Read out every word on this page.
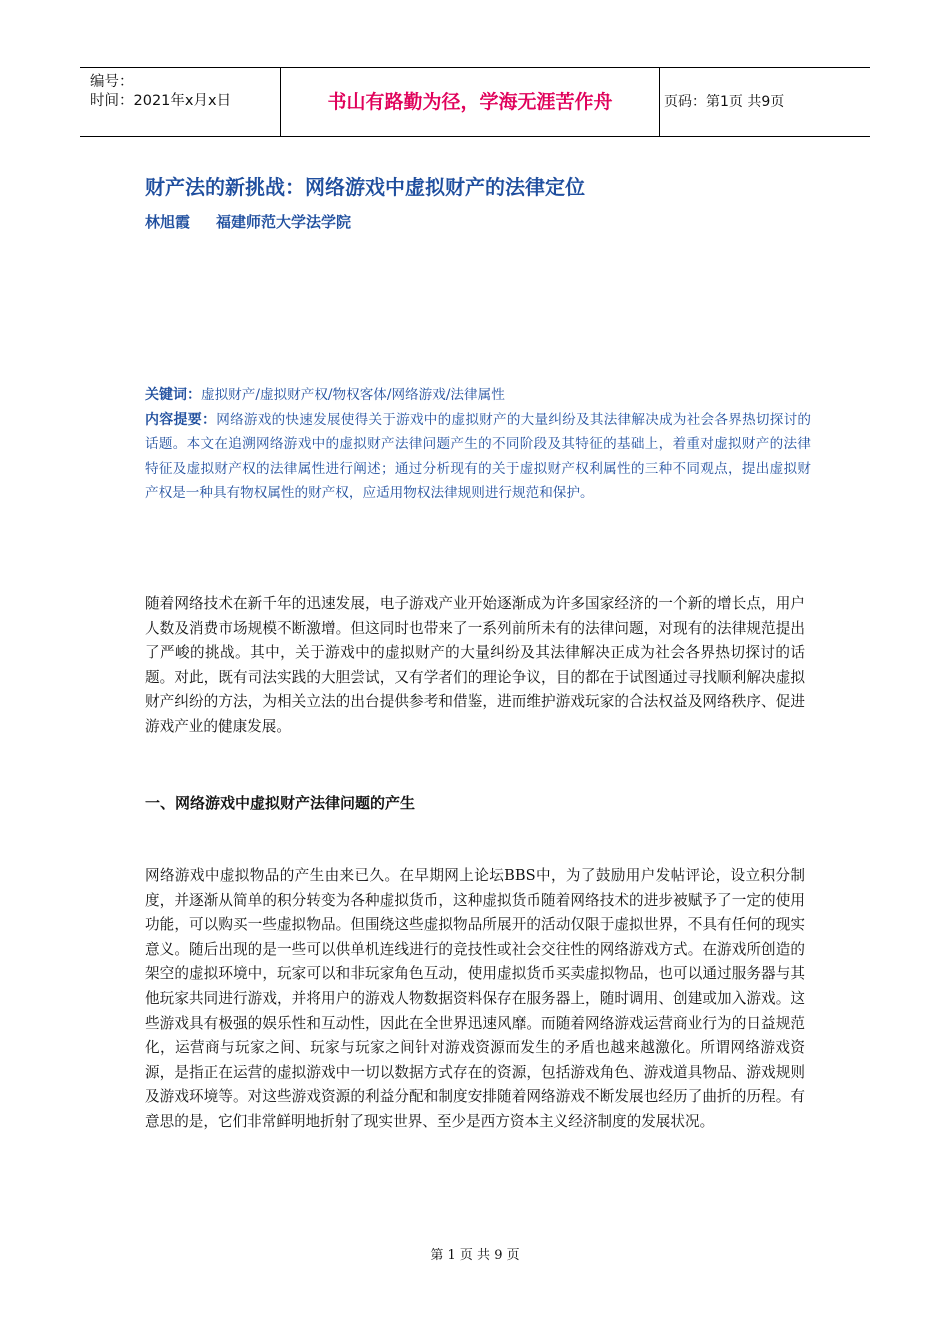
编号：
时间：2021年x月x日	书山有路勤为径，学海无涯苦作舟	页码：第1页 共9页
财产法的新挑战：网络游戏中虚拟财产的法律定位
林旭霞 福建师范大学法学院

关键词：虚拟财产/虚拟财产权/物权客体/网络游戏/法律属性

内容提要：网络游戏的快速发展使得关于游戏中的虚拟财产的大量纠纷及其法律解决成为社会各界热切探讨的话题。本文在追溯网络游戏中的虚拟财产法律问题产生的不同阶段及其特征的基础上，着重对虚拟财产的法律特征及虚拟财产权的法律属性进行阐述；通过分析现有的关于虚拟财产权利属性的三种不同观点，提出虚拟财产权是一种具有物权属性的财产权，应适用物权法律规则进行规范和保护。

随着网络技术在新千年的迅速发展，电子游戏产业开始逐渐成为许多国家经济的一个新的增长点，用户人数及消费市场规模不断激增。但这同时也带来了一系列前所未有的法律问题，对现有的法律规范提出了严峻的挑战。其中，关于游戏中的虚拟财产的大量纠纷及其法律解决正成为社会各界热切探讨的话题。对此，既有司法实践的大胆尝试，又有学者们的理论争议，目的都在于试图通过寻找顺利解决虚拟财产纠纷的方法，为相关立法的出台提供参考和借鉴，进而维护游戏玩家的合法权益及网络秩序、促进游戏产业的健康发展。

一、网络游戏中虚拟财产法律问题的产生

网络游戏中虚拟物品的产生由来已久。在早期网上论坛BBS中，为了鼓励用户发帖评论，设立积分制度，并逐渐从简单的积分转变为各种虚拟货币，这种虚拟货币随着网络技术的进步被赋予了一定的使用功能，可以购买一些虚拟物品。但围绕这些虚拟物品所展开的活动仅限于虚拟世界，不具有任何的现实意义。随后出现的是一些可以供单机连线进行的竞技性或社会交往性的网络游戏方式。在游戏所创造的架空的虚拟环境中，玩家可以和非玩家角色互动，使用虚拟货币买卖虚拟物品，也可以通过服务器与其他玩家共同进行游戏，并将用户的游戏人物数据资料保存在服务器上，随时调用、创建或加入游戏。这些游戏具有极强的娱乐性和互动性，因此在全世界迅速风靡。而随着网络游戏运营商业行为的日益规范化，运营商与玩家之间、玩家与玩家之间针对游戏资源而发生的矛盾也越来越激化。所谓网络游戏资源，是指正在运营的虚拟游戏中一切以数据方式存在的资源，包括游戏角色、游戏道具物品、游戏规则及游戏环境等。对这些游戏资源的利益分配和制度安排随着网络游戏不断发展也经历了曲折的历程。有意思的是，它们非常鲜明地折射了现实世界、至少是西方资本主义经济制度的发展状况。

第 1 页 共 9 页
